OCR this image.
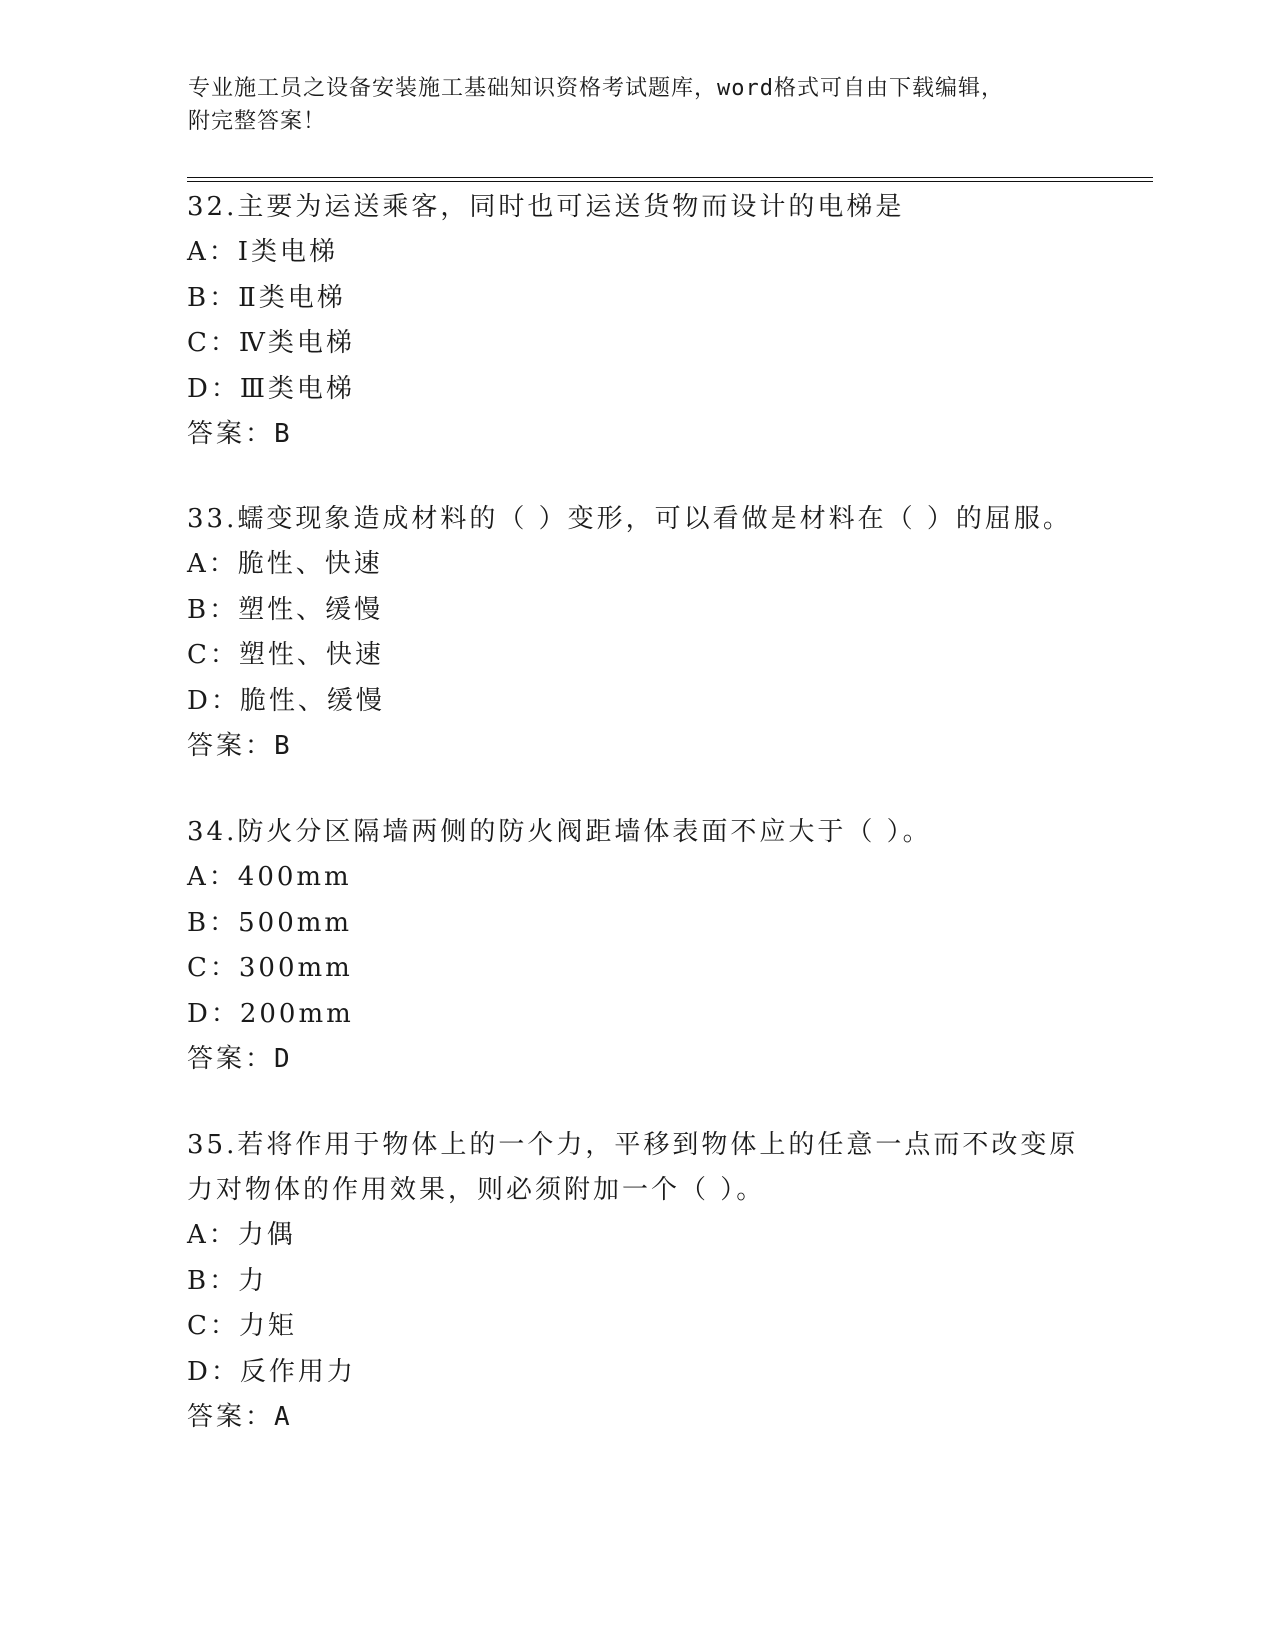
专业施工员之设备安装施工基础知识资格考试题库，word格式可自由下载编辑，
附完整答案！
32.主要为运送乘客，同时也可运送货物而设计的电梯是
A：Ⅰ类电梯
B：Ⅱ类电梯
C：Ⅳ类电梯
D：Ⅲ类电梯
答案：B
33.蠕变现象造成材料的（ ）变形，可以看做是材料在（ ）的屈服。
A：脆性、快速
B：塑性、缓慢
C：塑性、快速
D：脆性、缓慢
答案：B
34.防火分区隔墙两侧的防火阀距墙体表面不应大于（ ）。
A：400mm
B：500mm
C：300mm
D：200mm
答案：D
35.若将作用于物体上的一个力，平移到物体上的任意一点而不改变原
力对物体的作用效果，则必须附加一个（ ）。
A：力偶
B：力
C：力矩
D：反作用力
答案：A
